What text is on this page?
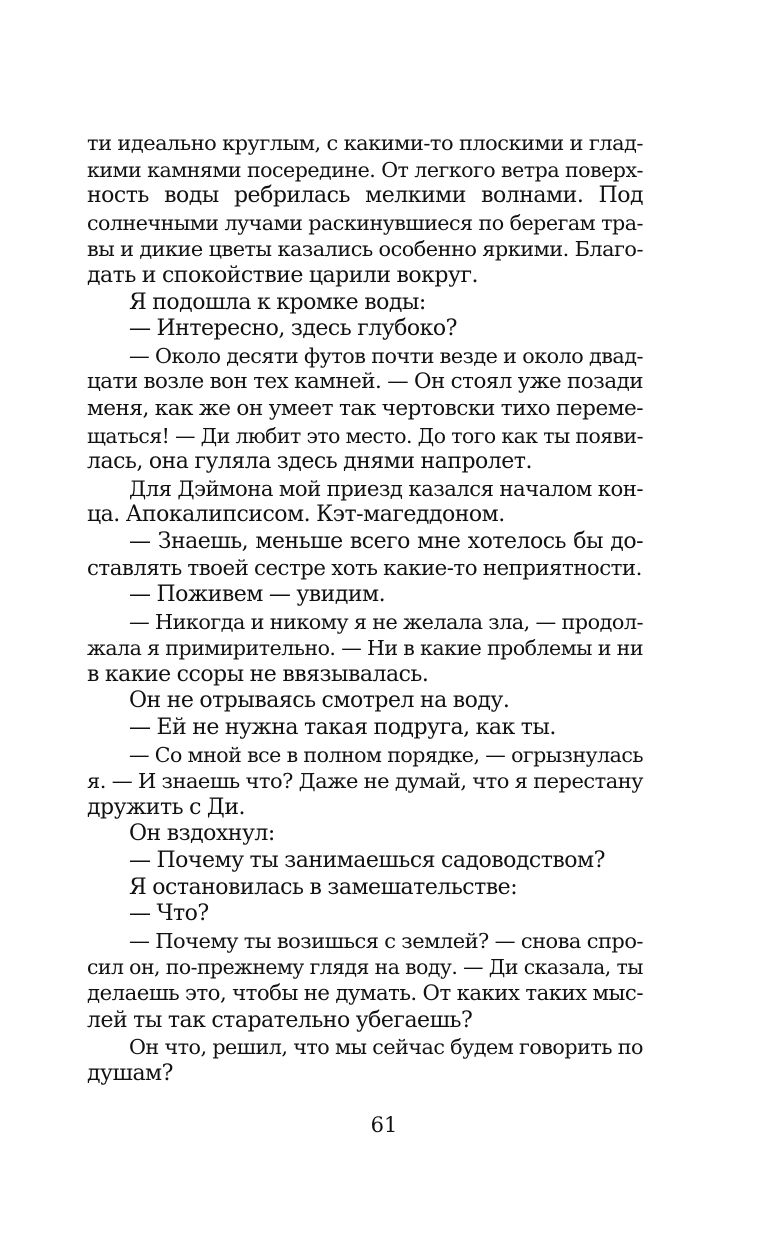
ти идеально круглым, с какими-то плоскими и глад-
кими камнями посередине. От легкого ветра поверх-
ность воды ребрилась мелкими волнами. Под
солнечными лучами раскинувшиеся по берегам тра-
вы и дикие цветы казались особенно яркими. Благо-
дать и спокойствие царили вокруг.
Я подошла к кромке воды:
— Интересно, здесь глубоко?
— Около десяти футов почти везде и около двад-
цати возле вон тех камней. — Он стоял уже позади
меня, как же он умеет так чертовски тихо переме-
щаться! — Ди любит это место. До того как ты появи-
лась, она гуляла здесь днями напролет.
Для Дэймона мой приезд казался началом кон-
ца. Апокалипсисом. Кэт-магеддоном.
— Знаешь, меньше всего мне хотелось бы до-
ставлять твоей сестре хоть какие-то неприятности.
— Поживем — увидим.
— Никогда и никому я не желала зла, — продол-
жала я примирительно. — Ни в какие проблемы и ни
в какие ссоры не ввязывалась.
Он не отрываясь смотрел на воду.
— Ей не нужна такая подруга, как ты.
— Со мной все в полном порядке, — огрызнулась
я. — И знаешь что? Даже не думай, что я перестану
дружить с Ди.
Он вздохнул:
— Почему ты занимаешься садоводством?
Я остановилась в замешательстве:
— Что?
— Почему ты возишься с землей? — снова спро-
сил он, по-прежнему глядя на воду. — Ди сказала, ты
делаешь это, чтобы не думать. От каких таких мыс-
лей ты так старательно убегаешь?
Он что, решил, что мы сейчас будем говорить по
душам?
61
